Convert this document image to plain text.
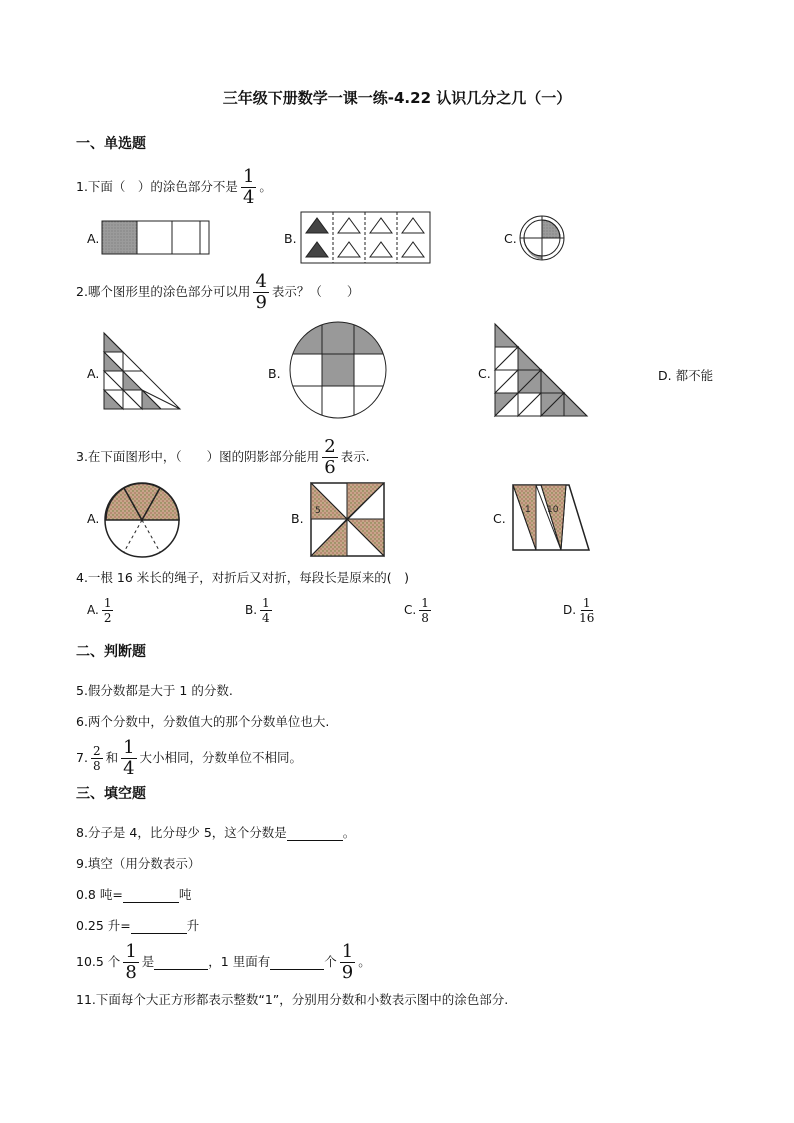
三年级下册数学一课一练-4.22 认识几分之几（一）
一、单选题
1.下面（　）的涂色部分不是 $\frac{1}{4}$ 。
A.	B.	C.
2.哪个图形里的涂色部分可以用 $\frac{4}{9}$ 表示？（　　）
A.	B.	C.	D. 都不能
3.在下面图形中，（　　）图的阴影部分能用 $\frac{2}{6}$ 表示.
A.	B. 5	C.
1 10
4.一根 16 米长的绳子，对折后又对折，每段长是原来的(　)
A. $\frac{1}{2}$	B. $\frac{1}{4}$	C. $\frac{1}{8}$	D. $\frac{1}{16}$
二、判断题
5.假分数都是大于 1 的分数.
6.两个分数中，分数值大的那个分数单位也大.
7. $\frac{2}{8}$ 和 $\frac{1}{4}$ 大小相同，分数单位不相同。
三、填空题
8.分子是 4，比分母少 5，这个分数是	。
9.填空（用分数表示）
0.8 吨=	吨
0.25 升=	升
10.5 个 $\frac{1}{8}$ 是	，1 里面有	个 $\frac{1}{9}$ 。
11.下面每个大正方形都表示整数“1”，分别用分数和小数表示图中的涂色部分.
